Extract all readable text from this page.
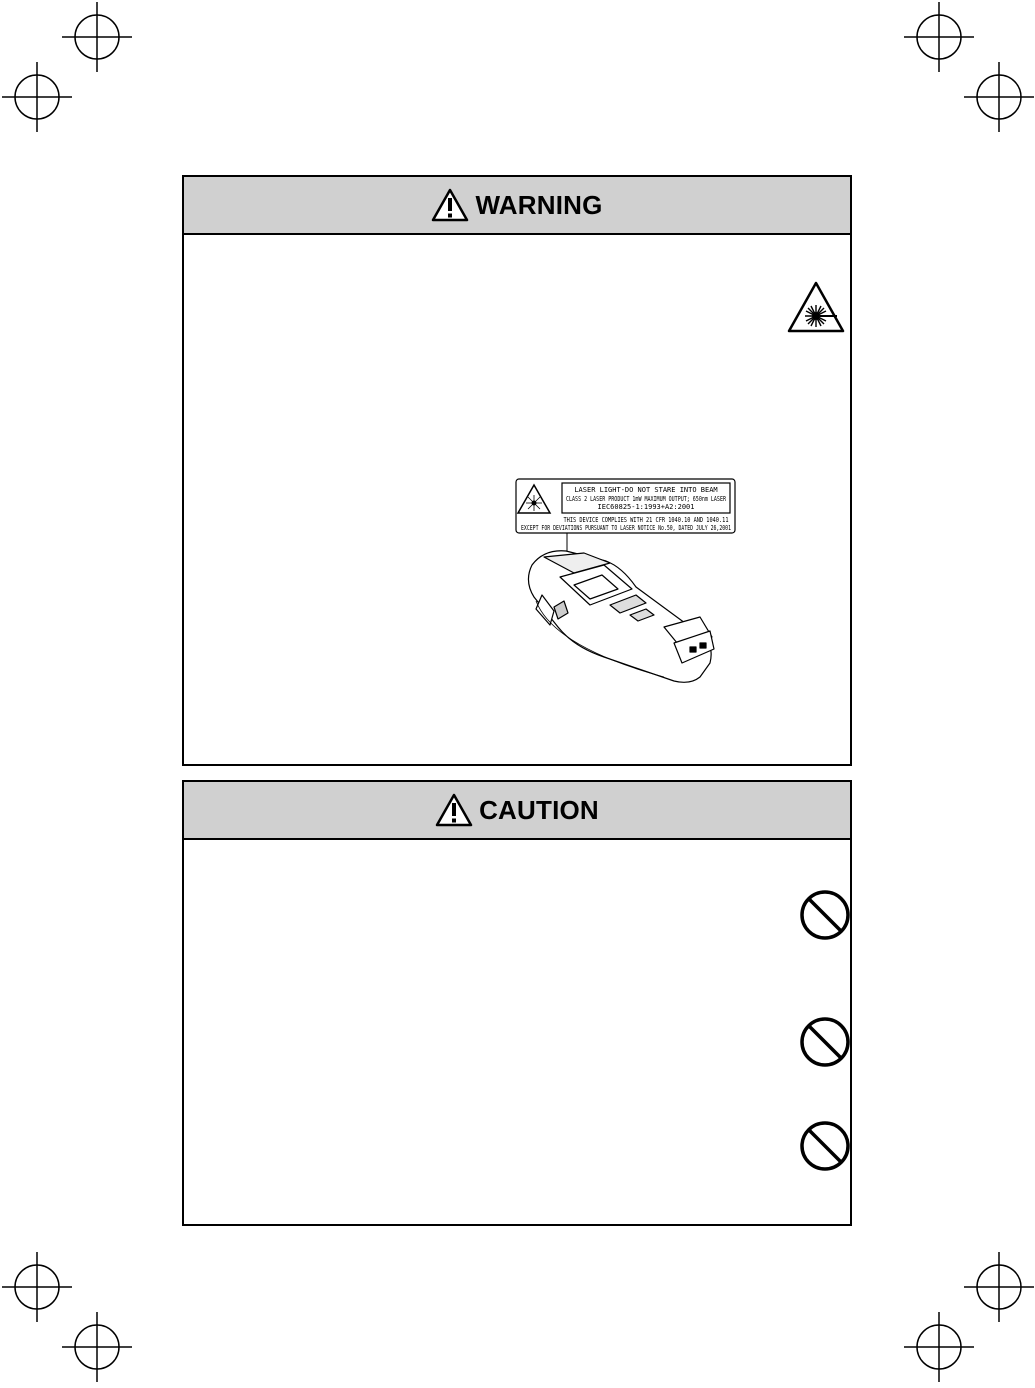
WARNING
LASER LIGHT-DO NOT STARE INTO BEAM
CLASS 2 LASER PRODUCT 1mW MAXIMUM OUTPUT; 650nm LASER
IEC60825-1:1993+A2:2001
THIS DEVICE COMPLIES WITH 21 CFR 1040.10 AND 1040.11
EXCEPT FOR DEVIATIONS PURSUANT TO LASER NOTICE No.50, DATED JULY 26,2001
CAUTION
